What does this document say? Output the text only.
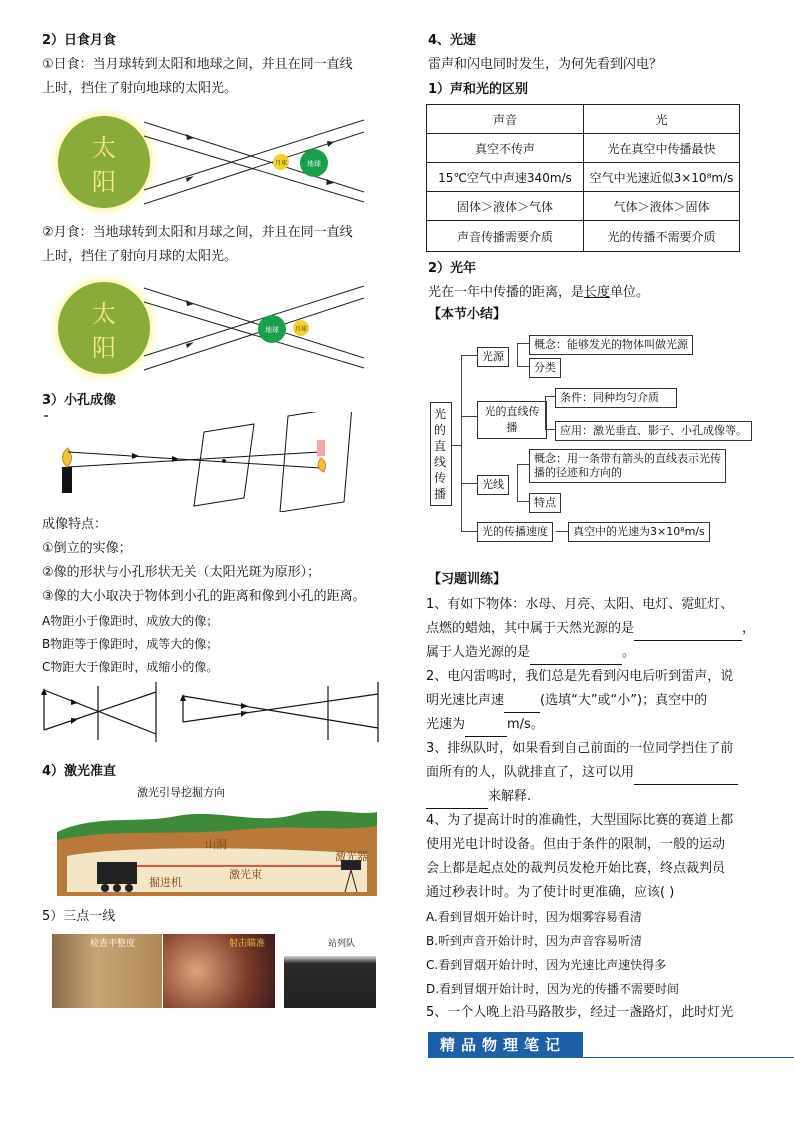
2）日食月食
①日食：当月球转到太阳和地球之间，并且在同一直线
上时，挡住了射向地球的太阳光。
太
阳
月球	地球
②月食：当地球转到太阳和月球之间，并且在同一直线
上时，挡住了射向月球的太阳光。
太
阳
地球	月球
3）小孔成像
成像特点：
①倒立的实像；
②像的形状与小孔形状无关（太阳光斑为原形）；
③像的大小取决于物体到小孔的距离和像到小孔的距离。
A物距小于像距时，成放大的像；
B物距等于像距时，成等大的像；
C物距大于像距时，成缩小的像。
4）激光准直
激光引导挖掘方向
山洞
激光束
激光器
掘进机
5）三点一线
检查平整度	射击瞄准	站列队
4、光速
雷声和闪电同时发生，为何先看到闪电？
1）声和光的区别
声音	光
真空不传声	光在真空中传播最快
15℃空气中声速340m/s	空气中光速近似3×10⁸m/s
固体＞液体＞气体	气体＞液体＞固体
声音传播需要介质	光的传播不需要介质
2）光年
光在一年中传播的距离，是长度单位。
【本节小结】
光的直线传播
光源
概念：能够发光的物体叫做光源
分类
光的直线传播
条件：同种均匀介质
应用：激光垂直、影子、小孔成像等。
光线
概念：用一条带有箭头的直线表示光传
播的径迹和方向的
特点
光的传播速度	真空中的光速为3×10⁸m/s
【习题训练】
1、有如下物体：水母、月亮、太阳、电灯、霓虹灯、
点燃的蜡烛，其中属于天然光源的是	，
属于人造光源的是	。
2、电闪雷鸣时，我们总是先看到闪电后听到雷声，说
明光速比声速	(选填“大”或“小”)；真空中的
光速为	m/s。
3、排纵队时，如果看到自己前面的一位同学挡住了前
面所有的人，队就排直了，这可以用
来解释.
4、为了提高计时的准确性，大型国际比赛的赛道上都
使用光电计时设备。但由于条件的限制，一般的运动
会上都是起点处的裁判员发枪开始比赛，终点裁判员
通过秒表计时。为了使计时更准确，应该( )
A.看到冒烟开始计时，因为烟雾容易看清
B.听到声音开始计时，因为声音容易听清
C.看到冒烟开始计时，因为光速比声速快得多
D.看到冒烟开始计时，因为光的传播不需要时间
5、一个人晚上沿马路散步，经过一盏路灯，此时灯光
精品物理笔记
